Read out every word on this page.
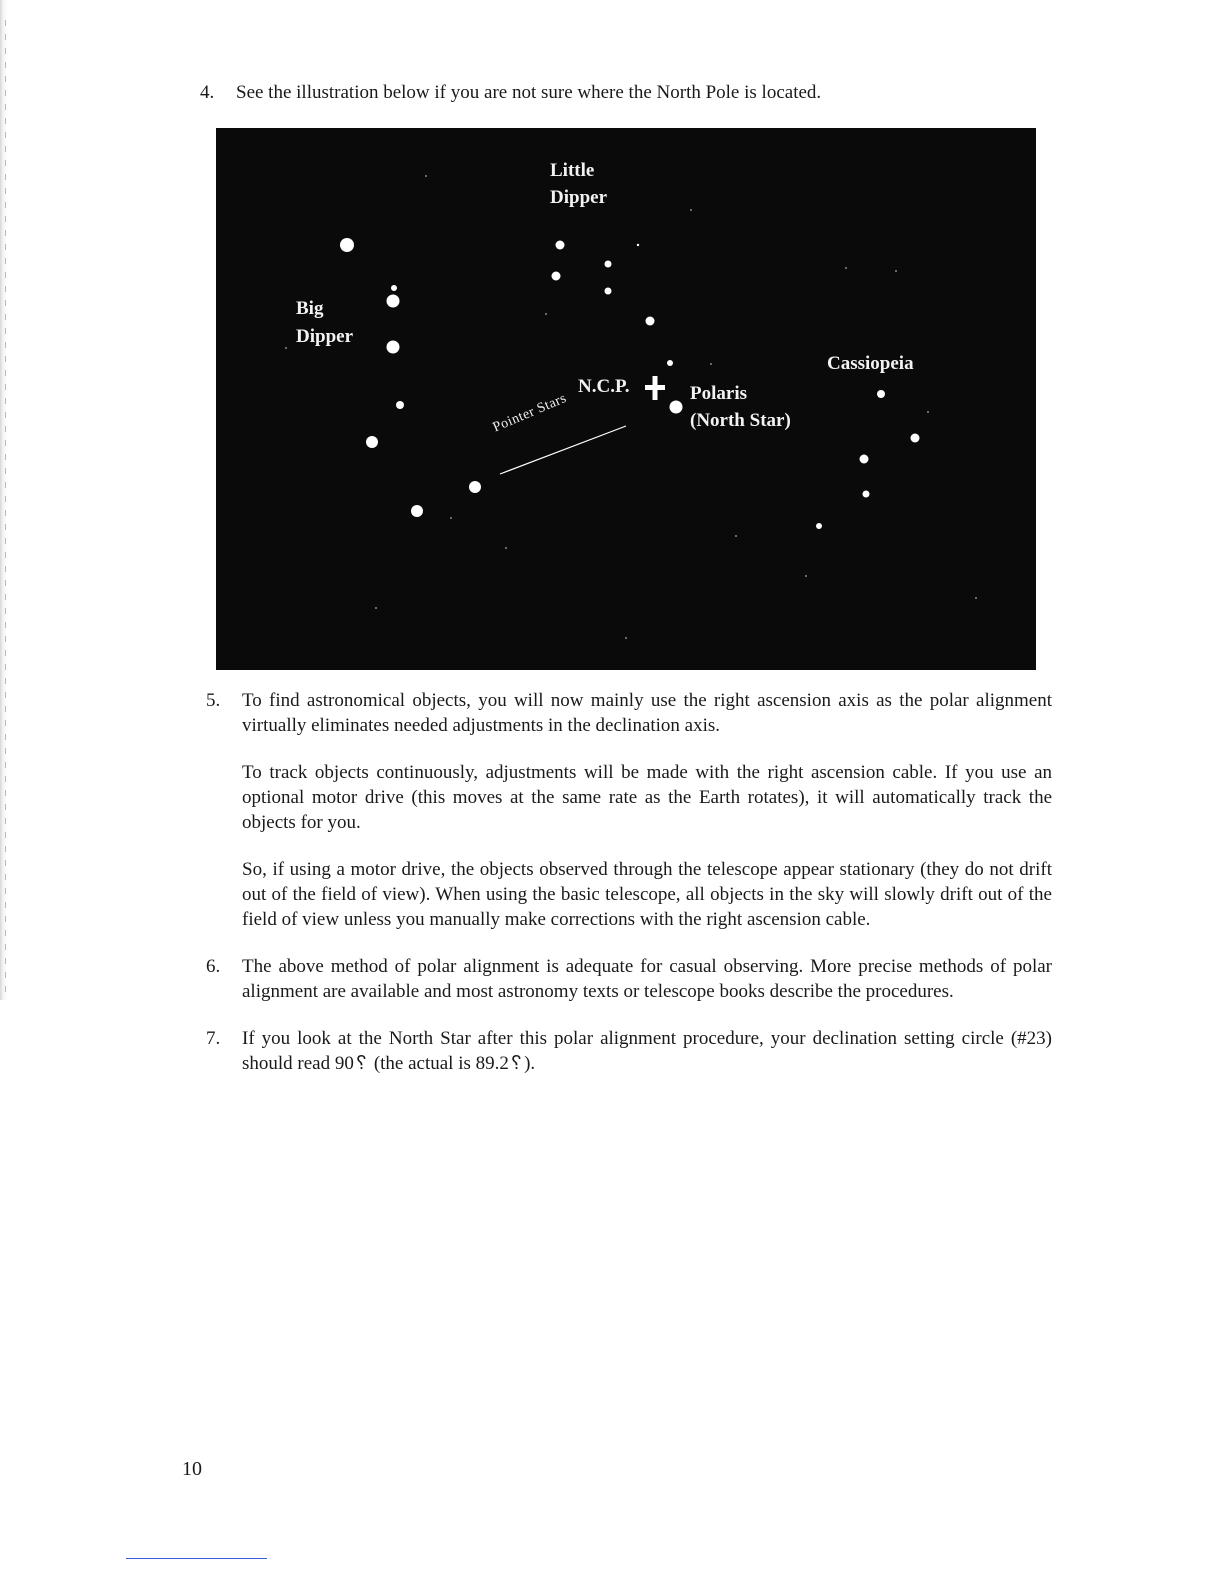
4. See the illustration below if you are not sure where the North Pole is located.
Little
Dipper
Big
Dipper
Cassiopeia
N.C.P.	Polaris
(North Star)
Pointer Stars
5. To find astronomical objects, you will now mainly use the right ascension axis as the polar alignment virtually eliminates needed adjustments in the declination axis.

To track objects continuously, adjustments will be made with the right ascension cable. If you use an optional motor drive (this moves at the same rate as the Earth rotates), it will automatically track the objects for you.

So, if using a motor drive, the objects observed through the telescope appear stationary (they do not drift out of the field of view). When using the basic telescope, all objects in the sky will slowly drift out of the field of view unless you manually make corrections with the right ascension cable.

6. The above method of polar alignment is adequate for casual observing. More precise methods of polar alignment are available and most astronomy texts or telescope books describe the procedures.

7. If you look at the North Star after this polar alignment procedure, your declination setting circle (#23) should read 90␦ (the actual is 89.2␦).

10
